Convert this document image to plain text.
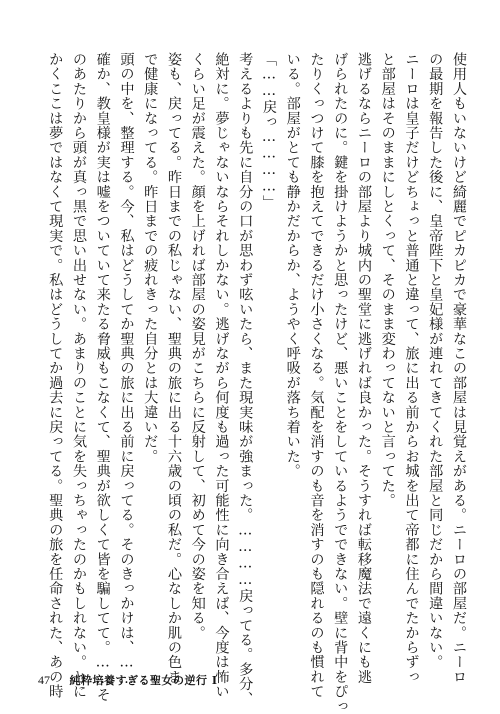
使用人もいないけど綺麗でピカピカで豪華なこの部屋は見覚えがある。ニーロの部屋だ。ニーロ

の最期を報告した後に、皇帝陛下と皇妃様が連れてきてくれた部屋と同じだから間違いない。

ニーロは皇子だけどちょっと普通と違って、旅に出る前からお城を出て帝都に住んでたからずっ

と部屋はそのままにしとくって、そのまま変わってないと言ってた。

逃げるならニーロの部屋より城内の聖堂に逃げれば良かった。そうすれば転移魔法で遠くにも逃

げられたのに。鍵を掛けようかと思ったけど、悪いことをしているようでできない。壁に背中をぴっ

たりくっつけて膝を抱えてできるだけ小さくなる。気配を消すのも音を消すのも隠れるのも慣れて

いる。部屋がとても静かだからか、ようやく呼吸が落ち着いた。

「……戻っ…………」

考えるよりも先に自分の口が思わず呟いたら、また現実味が強まった。…………戻ってる。多分、

絶対に。夢じゃないならそれしかない。逃げながら何度も過った可能性に向き合えば、今度は怖い

くらい足が震えた。顔を上げれば部屋の姿見がこちらに反射して、初めて今の姿を知る。

姿も、戻ってる。昨日までの私じゃない、聖典の旅に出る十六歳の頃の私だ。心なしか肌の色ま

で健康になってる。昨日までの疲れきった自分とは大違いだ。

頭の中を、整理する。今、私はどうしてか聖典の旅に出る前に戻ってる。そのきっかけは、……

確か、教皇様が実は嘘をついていて来たる脅威もこなくて、聖典が欲しくて皆を騙してて。……そ

のあたりから頭が真っ黒で思い出せない。あまりのことに気を失っちゃったのかもしれない。とに

かくここは夢ではなくて現実で。私はどうしてか過去に戻ってる。聖典の旅を任命された、あの時

47 純粋培養すぎる聖女の逆行 I
